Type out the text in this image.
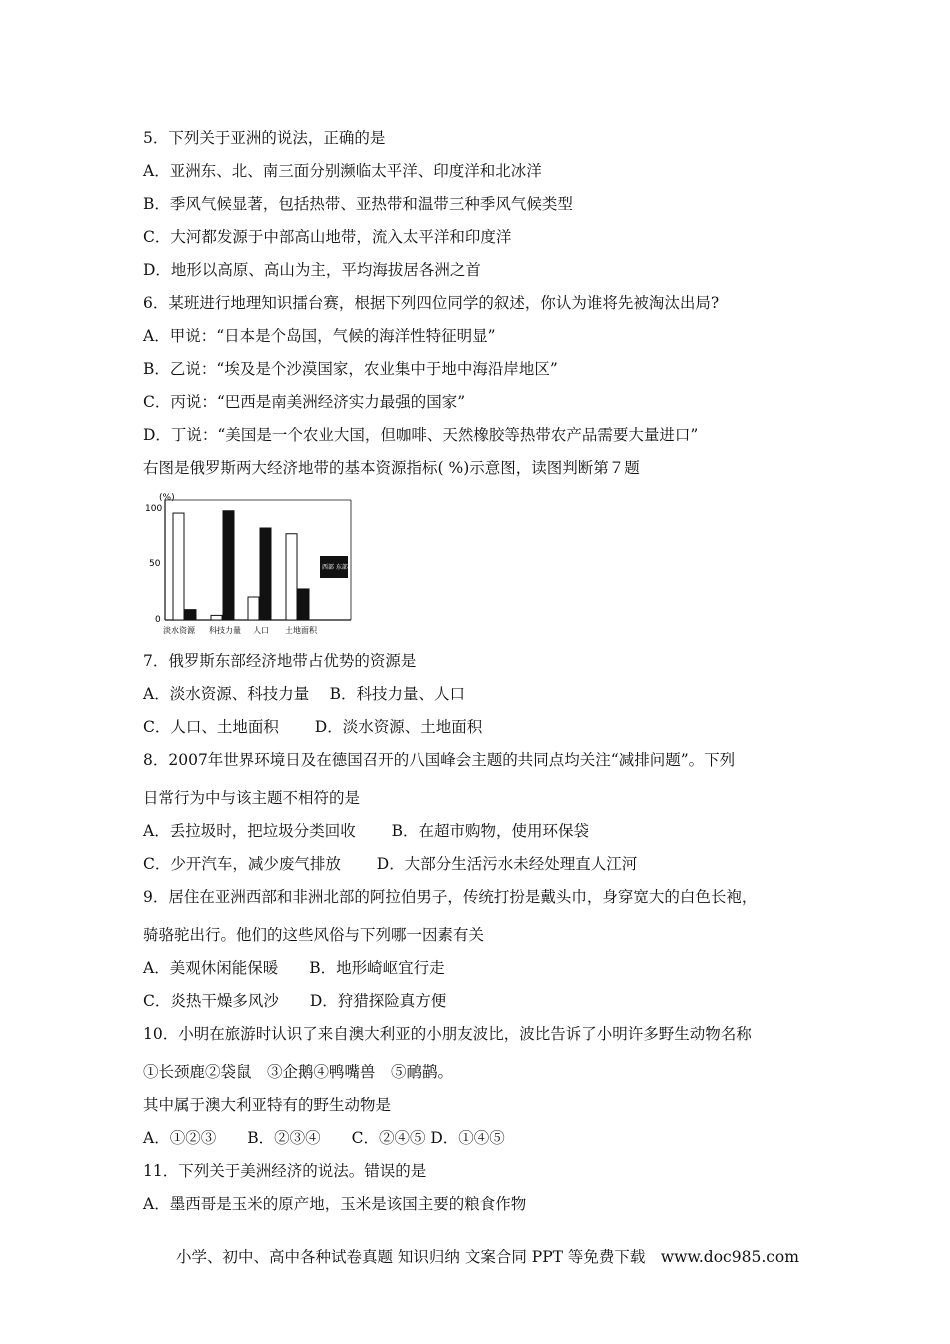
5．下列关于亚洲的说法，正确的是
A．亚洲东、北、南三面分别濒临太平洋、印度洋和北冰洋
B．季风气候显著，包括热带、亚热带和温带三种季风气候类型
C．大河都发源于中部高山地带，流入太平洋和印度洋
D．地形以高原、高山为主，平均海拔居各洲之首
6．某班进行地理知识擂台赛，根据下列四位同学的叙述，你认为谁将先被淘汰出局?
A．甲说：“日本是个岛国，气候的海洋性特征明显”
B．乙说：“埃及是个沙漠国家，农业集中于地中海沿岸地区”
C．丙说：“巴西是南美洲经济实力最强的国家”
D．丁说：“美国是一个农业大国，但咖啡、天然橡胶等热带农产品需要大量进口”
右图是俄罗斯两大经济地带的基本资源指标( %)示意图，读图判断第７题
(%)
100
50
0
淡水资源 科技力量 人口 土地面积
西部 东部
7．俄罗斯东部经济地带占优势的资源是
A．淡水资源、科技力量　 B．科技力量、人口
C．人口、土地面积　　 D．淡水资源、土地面积
8．2007年世界环境日及在德国召开的八国峰会主题的共同点均关注“减排问题”。下列
日常行为中与该主题不相符的是
A．丢拉圾时，把垃圾分类回收　　 B．在超市购物，使用环保袋
C．少开汽车，减少废气排放　　 D．大部分生活污水未经处理直人江河
9．居住在亚洲西部和非洲北部的阿拉伯男子，传统打扮是戴头巾，身穿宽大的白色长袍，
骑骆驼出行。他们的这些风俗与下列哪一因素有关
A．美观休闲能保暖　　B．地形崎岖宜行走
C．炎热干燥多风沙　　D．狩猎探险真方便
10．小明在旅游时认识了来自澳大利亚的小朋友波比，波比告诉了小明许多野生动物名称
①长颈鹿②袋鼠　③企鹅④鸭嘴兽　⑤鸸鹋。
其中属于澳大利亚特有的野生动物是
A．①②③　　B．②③④　　C．②④⑤ D．①④⑤
11．下列关于美洲经济的说法。错误的是
A．墨西哥是玉米的原产地，玉米是该国主要的粮食作物
小学、初中、高中各种试卷真题 知识归纳 文案合同 PPT 等免费下载　www.doc985.com
